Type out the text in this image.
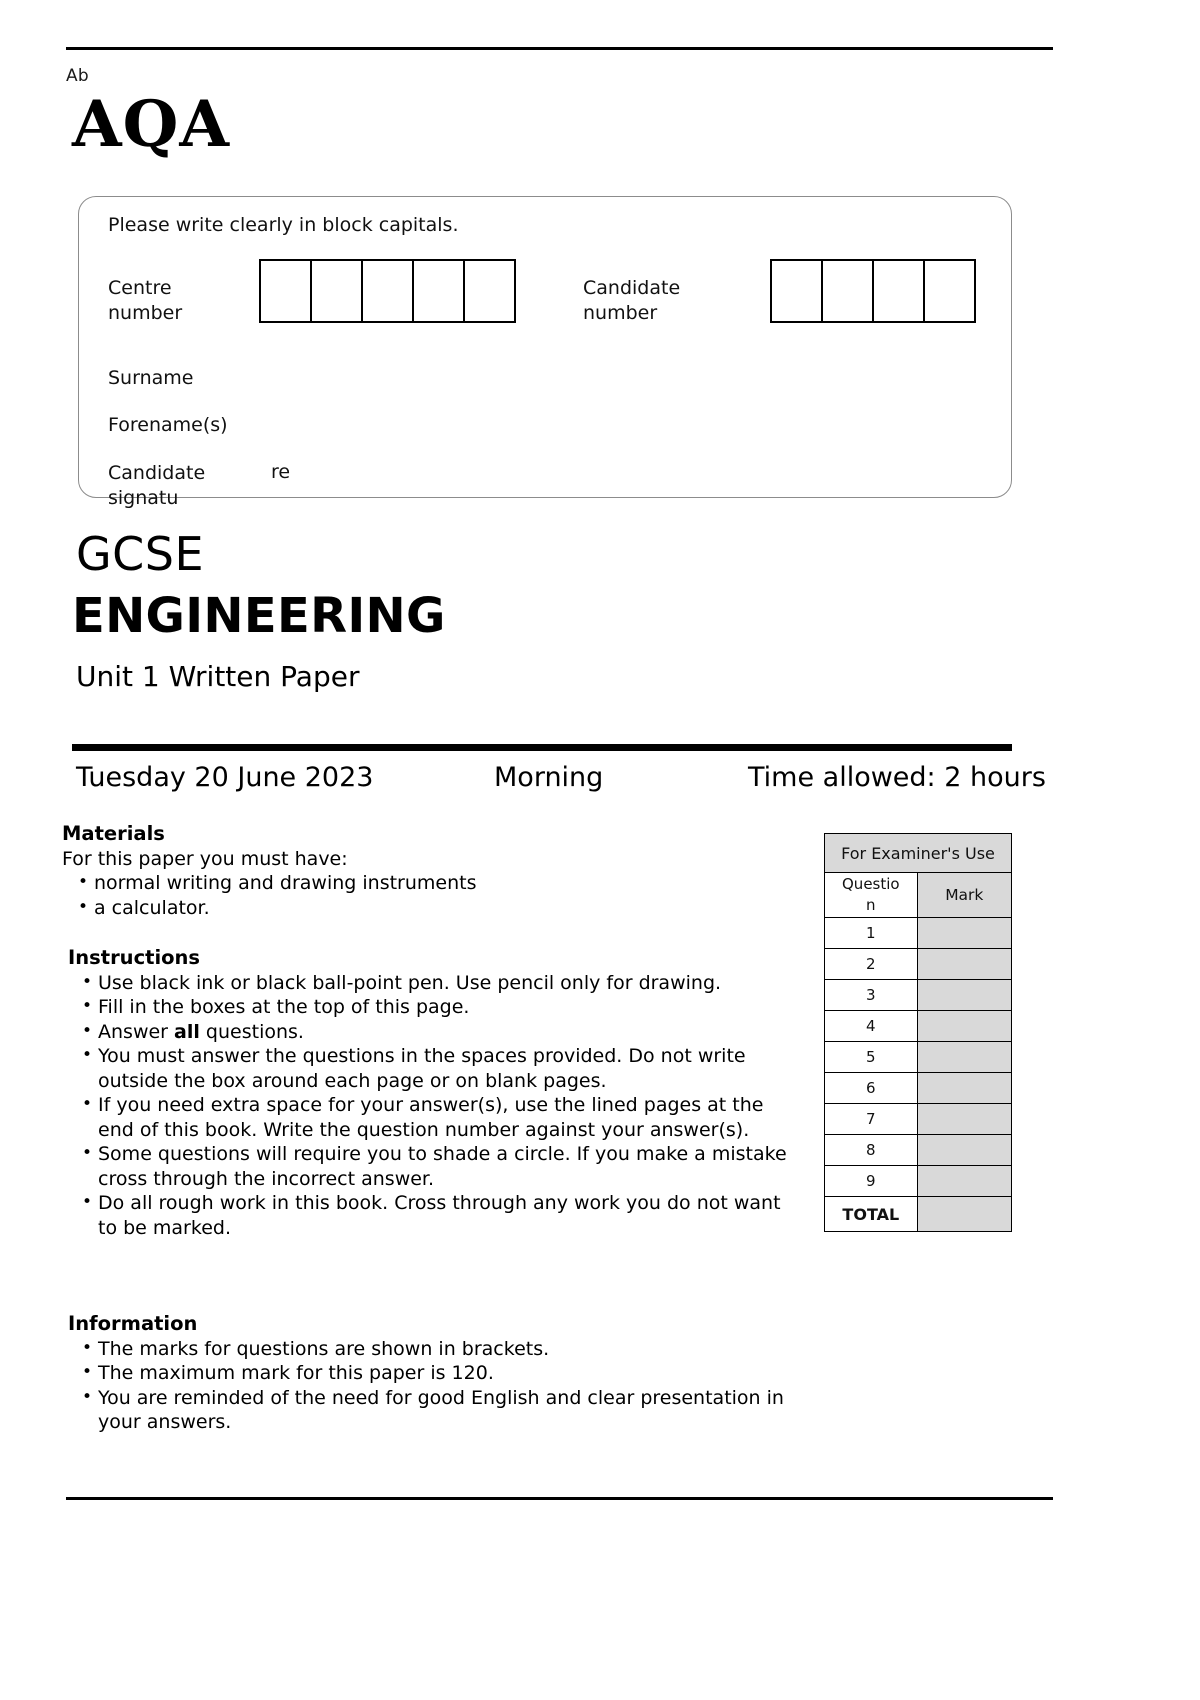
Ab
AQA
Please write clearly in block capitals.
Centre
number
Candidate
number
Surname
Forename(s)
Candidate
signatu
re
GCSE
ENGINEERING
Unit 1 Written Paper
Tuesday 20 June 2023	Morning	Time allowed: 2 hours
Materials

For this paper you must have:

• normal writing and drawing instruments
• a calculator.
Instructions
• Use black ink or black ball-point pen. Use pencil only for drawing.
• Fill in the boxes at the top of this page.
• Answer all questions.
• You must answer the questions in the spaces provided. Do not write outside the box around each page or on blank pages.
• If you need extra space for your answer(s), use the lined pages at the end of this book. Write the question number against your answer(s).
• Some questions will require you to shade a circle. If you make a mistake cross through the incorrect answer.
• Do all rough work in this book. Cross through any work you do not want to be marked.
Information
• The marks for questions are shown in brackets.
• The maximum mark for this paper is 120.
• You are reminded of the need for good English and clear presentation in your answers.
For Examiner's Use	
Questio
n	Mark
1	
2	
3	
4	
5	
6	
7	
8	
9	
TOTAL	
